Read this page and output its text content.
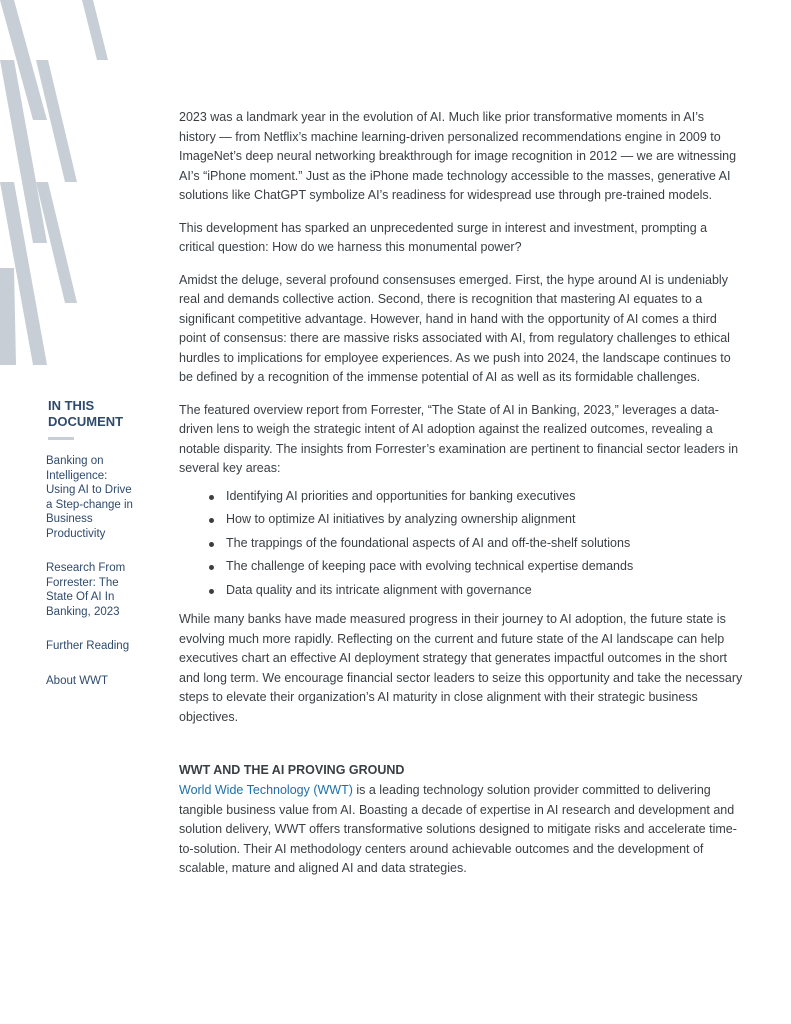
IN THIS
DOCUMENT
Banking on Intelligence: Using AI to Drive a Step-change in Business Productivity
Research From Forrester: The State Of AI In Banking, 2023
Further Reading
About WWT

2023 was a landmark year in the evolution of AI. Much like prior transformative moments in AI’s history — from Netflix’s machine learning-driven personalized recommendations engine in 2009 to ImageNet’s deep neural networking breakthrough for image recognition in 2012 — we are witnessing AI’s “iPhone moment.” Just as the iPhone made technology accessible to the masses, generative AI solutions like ChatGPT symbolize AI’s readiness for widespread use through pre-trained models.

This development has sparked an unprecedented surge in interest and investment, prompting a critical question: How do we harness this monumental power?

Amidst the deluge, several profound consensuses emerged. First, the hype around AI is undeniably real and demands collective action. Second, there is recognition that mastering AI equates to a significant competitive advantage. However, hand in hand with the opportunity of AI comes a third point of consensus: there are massive risks associated with AI, from regulatory challenges to ethical hurdles to implications for employee experiences. As we push into 2024, the landscape continues to be defined by a recognition of the immense potential of AI as well as its formidable challenges.

The featured overview report from Forrester, “The State of AI in Banking, 2023,” leverages a data-driven lens to weigh the strategic intent of AI adoption against the realized outcomes, revealing a notable disparity. The insights from Forrester’s examination are pertinent to financial sector leaders in several key areas:

Identifying AI priorities and opportunities for banking executives
How to optimize AI initiatives by analyzing ownership alignment
The trappings of the foundational aspects of AI and off-the-shelf solutions
The challenge of keeping pace with evolving technical expertise demands
Data quality and its intricate alignment with governance

While many banks have made measured progress in their journey to AI adoption, the future state is evolving much more rapidly. Reflecting on the current and future state of the AI landscape can help executives chart an effective AI deployment strategy that generates impactful outcomes in the short and long term. We encourage financial sector leaders to seize this opportunity and take the necessary steps to elevate their organization’s AI maturity in close alignment with their strategic business objectives.

WWT AND THE AI PROVING GROUND

World Wide Technology (WWT) is a leading technology solution provider committed to delivering tangible business value from AI. Boasting a decade of expertise in AI research and development and solution delivery, WWT offers transformative solutions designed to mitigate risks and accelerate time-to-solution. Their AI methodology centers around achievable outcomes and the development of scalable, mature and aligned AI and data strategies.
